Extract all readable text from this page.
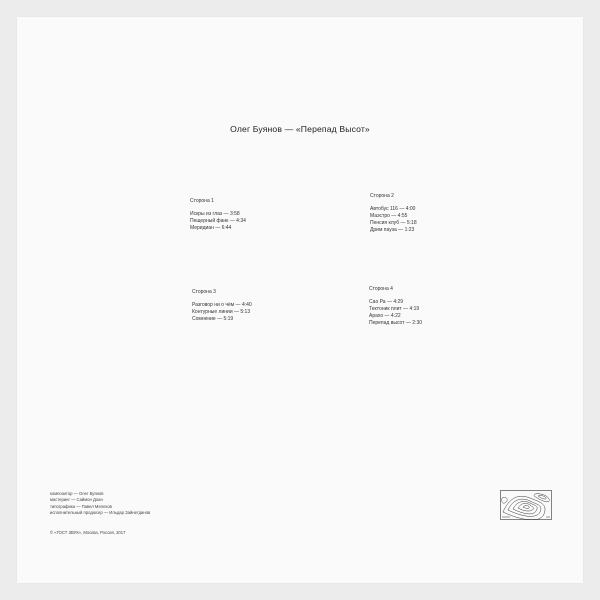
Олег Буянов — «Перепад Высот»
Сторона 1
Искры из глаз — 3:58
Пещерный фанк — 4:34
Меридиан — 6:44
Сторона 2
Автобус 116 — 4:00
Маэстро — 4:55
Пенсия клуб — 5:18
Дрим пауза — 1:23
Сторона 3
Разговор ни о чём — 4:40
Контурные линии — 5:13
Сомнение — 5:19
Сторона 4
Сао Ра — 4:29
Тектоник плит — 4:19
Арахо — 4:22
Перепад высот — 2:30
композитор — Олег Буянов
мастеринг — Саймон Доан
типографика — Павел Мелехов
исполнительный продюсер — Ильдар Зайнетдинов
© «ГОСТ ЗВУК», Москва, Россия, 2017
